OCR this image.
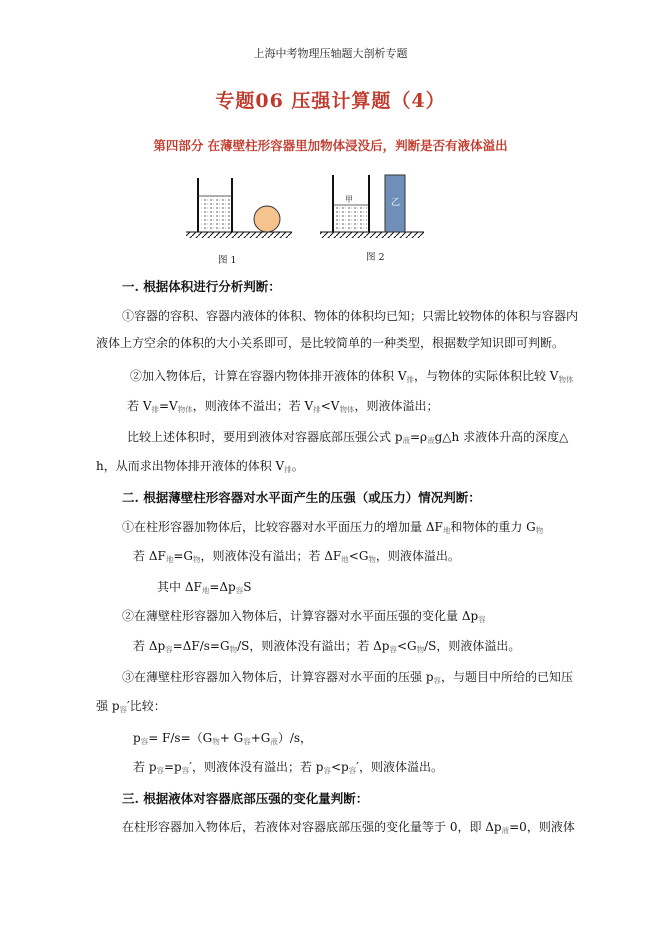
上海中考物理压轴题大剖析专题
专题06 压强计算题（4）
第四部分 在薄壁柱形容器里加物体浸没后，判断是否有液体溢出
甲	乙
图 1	图 2
一. 根据体积进行分析判断：
①容器的容积、容器内液体的体积、物体的体积均已知；只需比较物体的体积与容器内
液体上方空余的体积的大小关系即可，是比较简单的一种类型，根据数学知识即可判断。
②加入物体后，计算在容器内物体排开液体的体积 $V_排$，与物体的实际体积比较 $V_{物体}$
若 $V_排=V_{物体}$，则液体不溢出；若 $V_排<V_{物体}$，则液体溢出；
比较上述体积时，要用到液体对容器底部压强公式 $p_液=\rho_液g\triangle h$ 求液体升高的深度△
h，从而求出物体排开液体的体积 $V_排$。
二. 根据薄壁柱形容器对水平面产生的压强（或压力）情况判断：
①在柱形容器加物体后，比较容器对水平面压力的增加量 $\Delta F_地$和物体的重力 $G_物$
若 $\Delta F_地=G_物$，则液体没有溢出；若 $\Delta F_地<G_物$，则液体溢出。
其中 $\Delta F_地=\Delta p_容S$
②在薄壁柱形容器加入物体后，计算容器对水平面压强的变化量 $\Delta p_容$
若 $\Delta p_容=\Delta F/s=G_物/S$，则液体没有溢出；若 $\Delta p_容<G_物/S$，则液体溢出。
③在薄壁柱形容器加入物体后，计算容器对水平面的压强 $p_容$，与题目中所给的已知压
强 $p_容'$比较：
$p_容= F/s=(G_物+ G_容+G_液)/s$，
若 $p_容=p_容'$，则液体没有溢出；若 $p_容<p_容'$，则液体溢出。
三. 根据液体对容器底部压强的变化量判断：
在柱形容器加入物体后，若液体对容器底部压强的变化量等于 0，即 $\Delta p_液=0$，则液体
